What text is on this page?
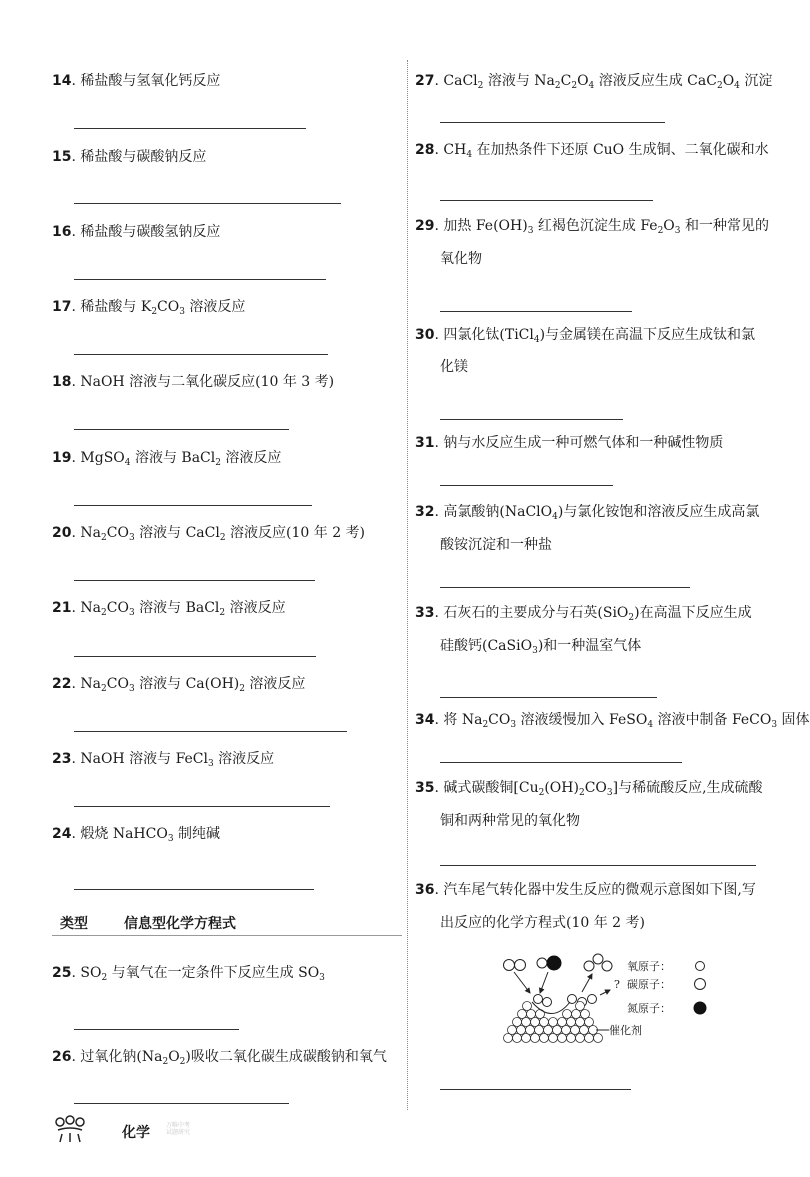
14. 稀盐酸与氢氧化钙反应
15. 稀盐酸与碳酸钠反应
16. 稀盐酸与碳酸氢钠反应
17. 稀盐酸与 $K_2CO_3$ 溶液反应
18. NaOH 溶液与二氧化碳反应(10 年 3 考)
19. MgSO$_4$ 溶液与 BaCl$_2$ 溶液反应
20. $Na_2CO_3$ 溶液与 CaCl$_2$ 溶液反应(10 年 2 考)
21. $Na_2CO_3$ 溶液与 BaCl$_2$ 溶液反应
22. $Na_2CO_3$ 溶液与 $Ca(OH)_2$ 溶液反应
23. NaOH 溶液与 FeCl$_3$ 溶液反应
24. 煅烧 NaHCO$_3$ 制纯碱
类型	信息型化学方程式
25. $SO_2$ 与氧气在一定条件下反应生成 $SO_3$
26. 过氧化钠$(Na_2O_2)$吸收二氧化碳生成碳酸钠和氧气
27. CaCl$_2$ 溶液与 $Na_2C_2O_4$ 溶液反应生成 $CaC_2O_4$ 沉淀
28. $CH_4$ 在加热条件下还原 CuO 生成铜、二氧化碳和水
29. 加热 $Fe(OH)_3$ 红褐色沉淀生成 $Fe_2O_3$ 和一种常见的
氧化物
30. 四氯化钛(TiCl$_4$)与金属镁在高温下反应生成钛和氯
化镁
31. 钠与水反应生成一种可燃气体和一种碱性物质
32. 高氯酸钠(NaClO$_4$)与氯化铵饱和溶液反应生成高氯
酸铵沉淀和一种盐
33. 石灰石的主要成分与石英(SiO$_2$)在高温下反应生成
硅酸钙(CaSiO$_3$)和一种温室气体
34. 将 $Na_2CO_3$ 溶液缓慢加入 FeSO$_4$ 溶液中制备 FeCO$_3$ 固体
35. 碱式碳酸铜$[Cu_2(OH)_2CO_3]$与稀硫酸反应,生成硫酸
铜和两种常见的氧化物
36. 汽车尾气转化器中发生反应的微观示意图如下图,写
出反应的化学方程式(10 年 2 考)
?
催化剂
氧原子：
碳原子：
氮原子：
化学	万唯中考
试题研究
